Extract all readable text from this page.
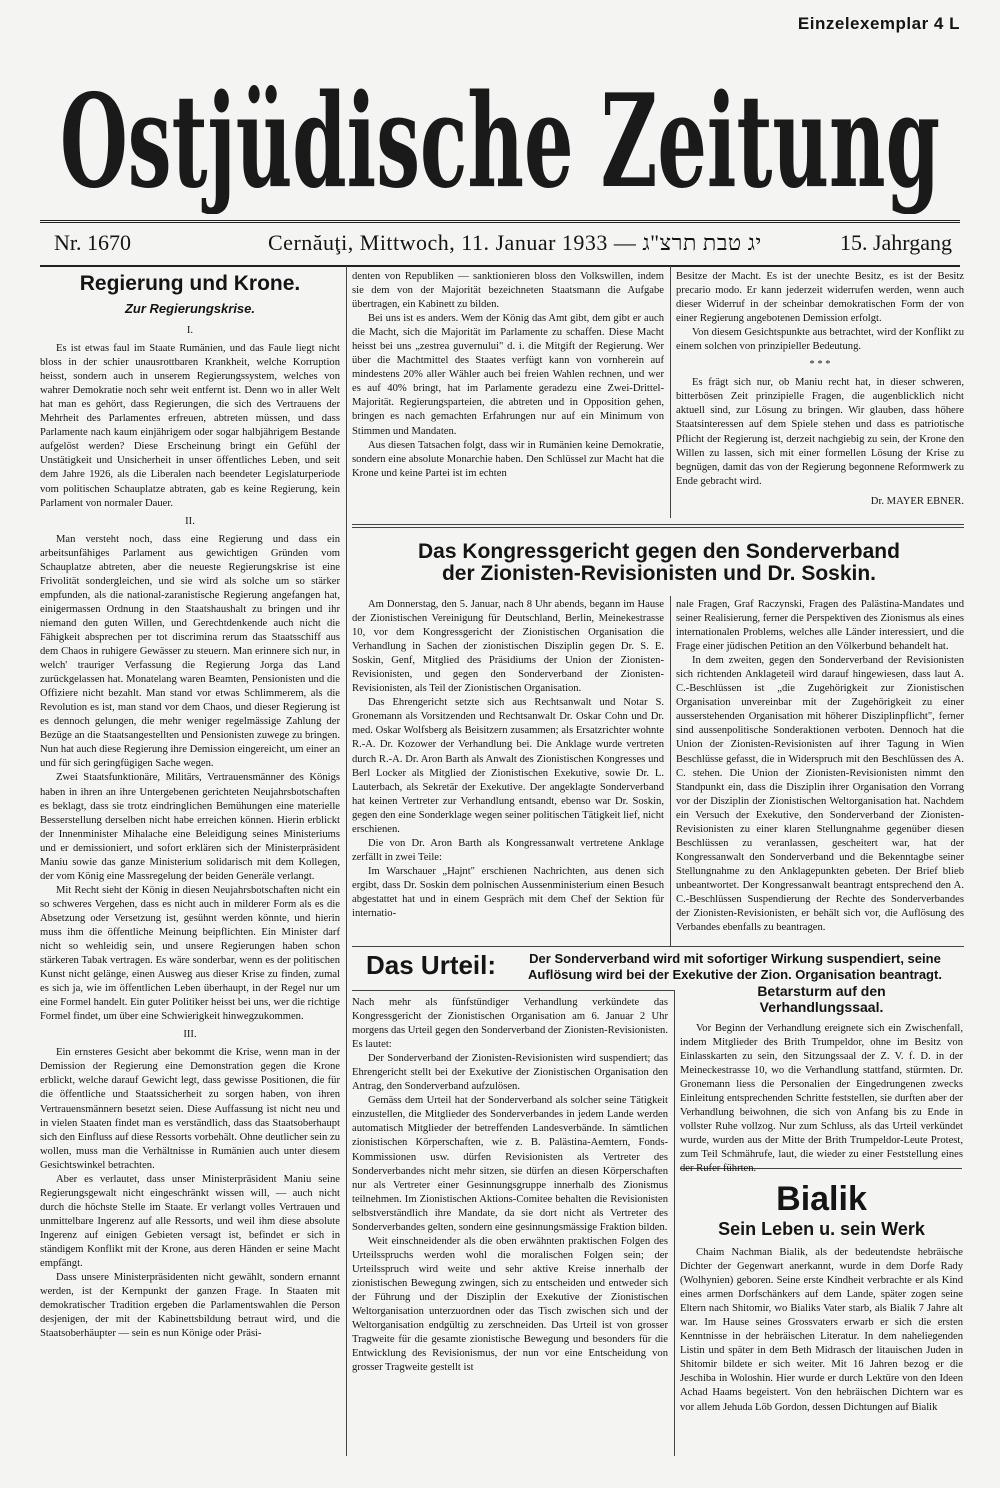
Einzelexemplar 4 L
Ostjüdische Zeitung
Nr. 1670	Cernăuţi, Mittwoch, 11. Januar 1933 — יג טבת תרצ"ג	15. Jahrgang
Regierung und Krone.
Zur Regierungskrise.

I.

Es ist etwas faul im Staate Rumänien, und das Faule liegt nicht bloss in der schier unausrottbaren Krankheit, welche Korruption heisst, sondern auch in unserem Regierungssystem, welches von wahrer Demokratie noch sehr weit entfernt ist. Denn wo in aller Welt hat man es gehört, dass Regierungen, die sich des Vertrauens der Mehrheit des Parlamentes erfreuen, abtreten müssen, und dass Parlamente nach kaum einjährigem oder sogar halbjährigem Bestande aufgelöst werden? Diese Erscheinung bringt ein Gefühl der Unstätigkeit und Unsicherheit in unser öffentliches Leben, und seit dem Jahre 1926, als die Liberalen nach beendeter Legislaturperiode vom politischen Schauplatze abtraten, gab es keine Regierung, kein Parlament von normaler Dauer.

II.

Man versteht noch, dass eine Regierung und dass ein arbeitsunfähiges Parlament aus gewichtigen Gründen vom Schauplatze abtreten, aber die neueste Regierungskrise ist eine Frivolität sondergleichen, und sie wird als solche um so stärker empfunden, als die national-zaranistische Regierung angefangen hat, einigermassen Ordnung in den Staatshaushalt zu bringen und ihr niemand den guten Willen, und Gerechtdenkende auch nicht die Fähigkeit absprechen per tot discrimina rerum das Staatsschiff aus dem Chaos in ruhigere Gewässer zu steuern. Man erinnere sich nur, in welch' trauriger Verfassung die Regierung Jorga das Land zurückgelassen hat. Monatelang waren Beamten, Pensionisten und die Offiziere nicht bezahlt. Man stand vor etwas Schlimmerem, als die Revolution es ist, man stand vor dem Chaos, und dieser Regierung ist es dennoch gelungen, die mehr weniger regelmässige Zahlung der Bezüge an die Staatsangestellten und Pensionisten zuwege zu bringen. Nun hat auch diese Regierung ihre Demission eingereicht, um einer an und für sich geringfügigen Sache wegen.

Zwei Staatsfunktionäre, Militärs, Vertrauensmänner des Königs haben in ihren an ihre Untergebenen gerichteten Neujahrsbotschaften es beklagt, dass sie trotz eindringlichen Bemühungen eine materielle Besserstellung derselben nicht habe erreichen können. Hierin erblickt der Innenminister Mihalache eine Beleidigung seines Ministeriums und er demissioniert, und sofort erklären sich der Ministerpräsident Maniu sowie das ganze Ministerium solidarisch mit dem Kollegen, der vom König eine Massregelung der beiden Generäle verlangt.

Mit Recht sieht der König in diesen Neujahrsbotschaften nicht ein so schweres Vergehen, dass es nicht auch in milderer Form als es die Absetzung oder Versetzung ist, gesühnt werden könnte, und hierin muss ihm die öffentliche Meinung beipflichten. Ein Minister darf nicht so wehleidig sein, und unsere Regierungen haben schon stärkeren Tabak vertragen. Es wäre sonderbar, wenn es der politischen Kunst nicht gelänge, einen Ausweg aus dieser Krise zu finden, zumal es sich ja, wie im öffentlichen Leben überhaupt, in der Regel nur um eine Formel handelt. Ein guter Politiker heisst bei uns, wer die richtige Formel findet, um über eine Schwierigkeit hinwegzukommen.

III.

Ein ernsteres Gesicht aber bekommt die Krise, wenn man in der Demission der Regierung eine Demonstration gegen die Krone erblickt, welche darauf Gewicht legt, dass gewisse Positionen, die für die öffentliche und Staatssicherheit zu sorgen haben, von ihren Vertrauensmännern besetzt seien. Diese Auffassung ist nicht neu und in vielen Staaten findet man es verständlich, dass das Staatsoberhaupt sich den Einfluss auf diese Ressorts vorbehält. Ohne deutlicher sein zu wollen, muss man die Verhältnisse in Rumänien auch unter diesem Gesichtswinkel betrachten.

Aber es verlautet, dass unser Ministerpräsident Maniu seine Regierungsgewalt nicht eingeschränkt wissen will, — auch nicht durch die höchste Stelle im Staate. Er verlangt volles Vertrauen und unmittelbare Ingerenz auf alle Ressorts, und weil ihm diese absolute Ingerenz auf einigen Gebieten versagt ist, befindet er sich in ständigem Konflikt mit der Krone, aus deren Händen er seine Macht empfängt.

Dass unsere Ministerpräsidenten nicht gewählt, sondern ernannt werden, ist der Kernpunkt der ganzen Frage. In Staaten mit demokratischer Tradition ergeben die Parlamentswahlen die Person desjenigen, der mit der Kabinettsbildung betraut wird, und die Staatsoberhäupter — sein es nun Könige oder Präsi-

denten von Republiken — sanktionieren bloss den Volkswillen, indem sie dem von der Majorität bezeichneten Staatsmann die Aufgabe übertragen, ein Kabinett zu bilden.

Bei uns ist es anders. Wem der König das Amt gibt, dem gibt er auch die Macht, sich die Majorität im Parlamente zu schaffen. Diese Macht heisst bei uns „zestrea guvernului" d. i. die Mitgift der Regierung. Wer über die Machtmittel des Staates verfügt kann von vornherein auf mindestens 20% aller Wähler auch bei freien Wahlen rechnen, und wer es auf 40% bringt, hat im Parlamente geradezu eine Zwei-Drittel-Majorität. Regierungsparteien, die abtreten und in Opposition gehen, bringen es nach gemachten Erfahrungen nur auf ein Minimum von Stimmen und Mandaten.

Aus diesen Tatsachen folgt, dass wir in Rumänien keine Demokratie, sondern eine absolute Monarchie haben. Den Schlüssel zur Macht hat die Krone und keine Partei ist im echten

Besitze der Macht. Es ist der unechte Besitz, es ist der Besitz precario modo. Er kann jederzeit widerrufen werden, wenn auch dieser Widerruf in der scheinbar demokratischen Form der von einer Regierung angebotenen Demission erfolgt.

Von diesem Gesichtspunkte aus betrachtet, wird der Konflikt zu einem solchen von prinzipieller Bedeutung.

* * *

Es frägt sich nur, ob Maniu recht hat, in dieser schweren, bitterbösen Zeit prinzipielle Fragen, die augenblicklich nicht aktuell sind, zur Lösung zu bringen. Wir glauben, dass höhere Staatsinteressen auf dem Spiele stehen und dass es patriotische Pflicht der Regierung ist, derzeit nachgiebig zu sein, der Krone den Willen zu lassen, sich mit einer formellen Lösung der Krise zu begnügen, damit das von der Regierung begonnene Reformwerk zu Ende gebracht wird.

Dr. MAYER EBNER.

Das Kongressgericht gegen den Sonderverband
der Zionisten-Revisionisten und Dr. Soskin.

Am Donnerstag, den 5. Januar, nach 8 Uhr abends, begann im Hause der Zionistischen Vereinigung für Deutschland, Berlin, Meinekestrasse 10, vor dem Kongressgericht der Zionistischen Organisation die Verhandlung in Sachen der zionistischen Disziplin gegen Dr. S. E. Soskin, Genf, Mitglied des Präsidiums der Union der Zionisten-Revisionisten, und gegen den Sonderverband der Zionisten-Revisionisten, als Teil der Zionistischen Organisation.

Das Ehrengericht setzte sich aus Rechtsanwalt und Notar S. Gronemann als Vorsitzenden und Rechtsanwalt Dr. Oskar Cohn und Dr. med. Oskar Wolfsberg als Beisitzern zusammen; als Ersatzrichter wohnte R.-A. Dr. Kozower der Verhandlung bei. Die Anklage wurde vertreten durch R.-A. Dr. Aron Barth als Anwalt des Zionistischen Kongresses und Berl Locker als Mitglied der Zionistischen Exekutive, sowie Dr. L. Lauterbach, als Sekretär der Exekutive. Der angeklagte Sonderverband hat keinen Vertreter zur Verhandlung entsandt, ebenso war Dr. Soskin, gegen den eine Sonderklage wegen seiner politischen Tätigkeit lief, nicht erschienen.

Die von Dr. Aron Barth als Kongressanwalt vertretene Anklage zerfällt in zwei Teile:

Im Warschauer „Hajnt" erschienen Nachrichten, aus denen sich ergibt, dass Dr. Soskin dem polnischen Aussenministerium einen Besuch abgestattet hat und in einem Gespräch mit dem Chef der Sektion für internatio-

nale Fragen, Graf Raczynski, Fragen des Palästina-Mandates und seiner Realisierung, ferner die Perspektiven des Zionismus als eines internationalen Problems, welches alle Länder interessiert, und die Frage einer jüdischen Petition an den Völkerbund behandelt hat.

In dem zweiten, gegen den Sonderverband der Revisionisten sich richtenden Anklageteil wird darauf hingewiesen, dass laut A. C.-Beschlüssen ist „die Zugehörigkeit zur Zionistischen Organisation unvereinbar mit der Zugehörigkeit zu einer ausserstehenden Organisation mit höherer Disziplinpflicht", ferner sind aussenpolitische Sonderaktionen verboten. Dennoch hat die Union der Zionisten-Revisionisten auf ihrer Tagung in Wien Beschlüsse gefasst, die in Widerspruch mit den Beschlüssen des A. C. stehen. Die Union der Zionisten-Revisionisten nimmt den Standpunkt ein, dass die Disziplin ihrer Organisation den Vorrang vor der Disziplin der Zionistischen Weltorganisation hat. Nachdem ein Versuch der Exekutive, den Sonderverband der Zionisten-Revisionisten zu einer klaren Stellungnahme gegenüber diesen Beschlüssen zu veranlassen, gescheitert war, hat der Kongressanwalt den Sonderverband und die Bekenntagbe seiner Stellungnahme zu den Anklagepunkten gebeten. Der Brief blieb unbeantwortet. Der Kongressanwalt beantragt entsprechend den A. C.-Beschlüssen Suspendierung der Rechte des Sonderverbandes der Zionisten-Revisionisten, er behält sich vor, die Auflösung des Verbandes ebenfalls zu beantragen.

Das Urteil:	Der Sonderverband wird mit sofortiger Wirkung suspendiert, seine
Auflösung wird bei der Exekutive der Zion. Organisation beantragt.

Nach mehr als fünfstündiger Verhandlung verkündete das Kongressgericht der Zionistischen Organisation am 6. Januar 2 Uhr morgens das Urteil gegen den Sonderverband der Zionisten-Revisionisten. Es lautet:

Der Sonderverband der Zionisten-Revisionisten wird suspendiert; das Ehrengericht stellt bei der Exekutive der Zionistischen Organisation den Antrag, den Sonderverband aufzulösen.

Gemäss dem Urteil hat der Sonderverband als solcher seine Tätigkeit einzustellen, die Mitglieder des Sonderverbandes in jedem Lande werden automatisch Mitglieder der betreffenden Landesverbände. In sämtlichen zionistischen Körperschaften, wie z. B. Palästina-Aemtern, Fonds-Kommissionen usw. dürfen Revisionisten als Vertreter des Sonderverbandes nicht mehr sitzen, sie dürfen an diesen Körperschaften nur als Vertreter einer Gesinnungsgruppe innerhalb des Zionismus teilnehmen. Im Zionistischen Aktions-Comitee behalten die Revisionisten selbstverständlich ihre Mandate, da sie dort nicht als Vertreter des Sonderverbandes gelten, sondern eine gesinnungsmässige Fraktion bilden.

Weit einschneidender als die oben erwähnten praktischen Folgen des Urteilsspruchs werden wohl die moralischen Folgen sein; der Urteilsspruch wird weite und sehr aktive Kreise innerhalb der zionistischen Bewegung zwingen, sich zu entscheiden und entweder sich der Führung und der Disziplin der Exekutive der Zionistischen Weltorganisation unterzuordnen oder das Tisch zwischen sich und der Weltorganisation endgültig zu zerschneiden. Das Urteil ist von grosser Tragweite für die gesamte zionistische Bewegung und besonders für die Entwicklung des Revisionismus, der nun vor eine Entscheidung von grosser Tragweite gestellt ist

Betarsturm auf den
Verhandlungssaal.

Vor Beginn der Verhandlung ereignete sich ein Zwischenfall, indem Mitglieder des Brith Trumpeldor, ohne im Besitz von Einlasskarten zu sein, den Sitzungssaal der Z. V. f. D. in der Meineckestrasse 10, wo die Verhandlung stattfand, stürmten. Dr. Gronemann liess die Personalien der Eingedrungenen zwecks Einleitung entsprechenden Schritte feststellen, sie durften aber der Verhandlung beiwohnen, die sich von Anfang bis zu Ende in vollster Ruhe vollzog. Nur zum Schluss, als das Urteil verkündet wurde, wurden aus der Mitte der Brith Trumpeldor-Leute Protest, zum Teil Schmährufe, laut, die wieder zu einer Feststellung eines der Rufer führten.

Bialik
Sein Leben u. sein Werk

Chaim Nachman Bialik, als der bedeutendste hebräische Dichter der Gegenwart anerkannt, wurde in dem Dorfe Rady (Wolhynien) geboren. Seine erste Kindheit verbrachte er als Kind eines armen Dorfschänkers auf dem Lande, später zogen seine Eltern nach Shitomir, wo Bialiks Vater starb, als Bialik 7 Jahre alt war. Im Hause seines Grossvaters erwarb er sich die ersten Kenntnisse in der hebräischen Literatur. In dem naheliegenden Listin und später in dem Beth Midrasch der litauischen Juden in Shitomir bildete er sich weiter. Mit 16 Jahren bezog er die Jeschiba in Woloshin. Hier wurde er durch Lektüre von den Ideen Achad Haams begeistert. Von den hebräischen Dichtern war es vor allem Jehuda Löb Gordon, dessen Dichtungen auf Bialik
